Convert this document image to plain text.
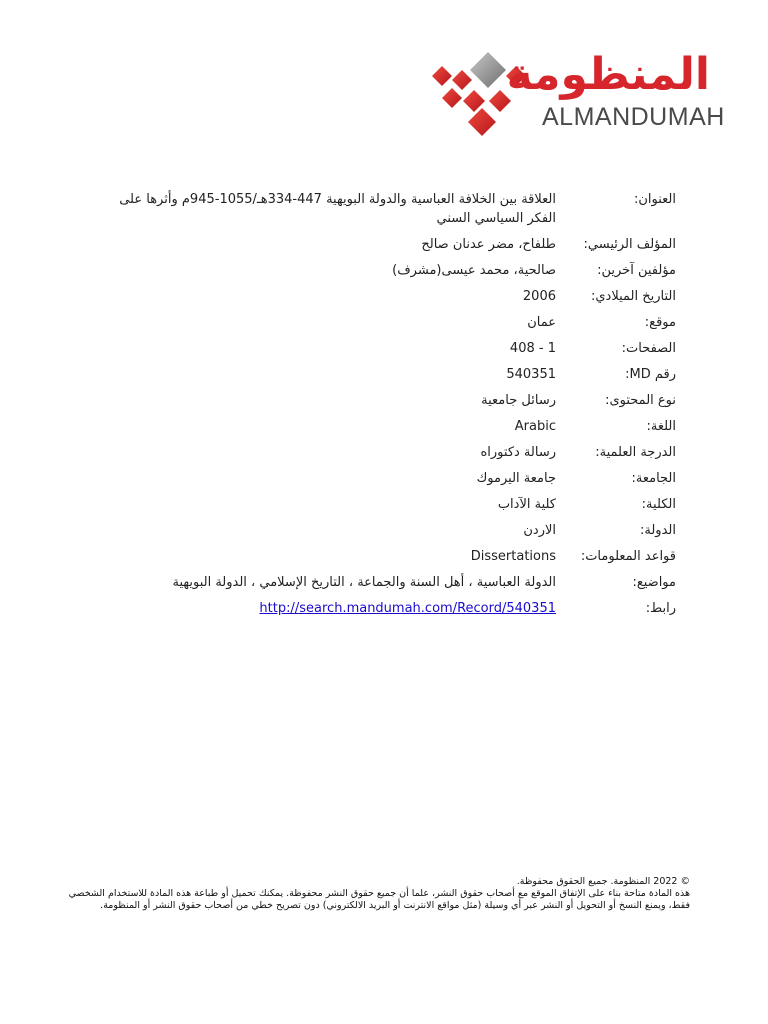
المنظومة
ALMANDUMAH
العنوان:
العلاقة بين الخلافة العباسية والدولة البويهية 447-334هـ/1055-945م وأثرها على الفكر السياسي السني
المؤلف الرئيسي:
طلفاح، مضر عدنان صالح
مؤلفين آخرين:
صالحية، محمد عيسى(مشرف)
التاريخ الميلادي:
2006
موقع:
عمان
الصفحات:
1 - 408
رقم MD:
540351
نوع المحتوى:
رسائل جامعية
اللغة:
Arabic
الدرجة العلمية:
رسالة دكتوراه
الجامعة:
جامعة اليرموك
الكلية:
كلية الآداب
الدولة:
الاردن
قواعد المعلومات:
Dissertations
مواضيع:
الدولة العباسية ، أهل السنة والجماعة ، التاريخ الإسلامي ، الدولة البويهية
رابط:
http://search.mandumah.com/Record/540351

© 2022 المنظومة. جميع الحقوق محفوظة.

هذه المادة متاحة بناء على الإتفاق الموقع مع أصحاب حقوق النشر، علما أن جميع حقوق النشر محفوظة. يمكنك تحميل أو طباعة هذه المادة للاستخدام الشخصي فقط، ويمنع النسخ أو التحويل أو النشر عبر أي وسيلة (مثل مواقع الانترنت أو البريد الالكتروني) دون تصريح خطي من أصحاب حقوق النشر أو المنظومة.
